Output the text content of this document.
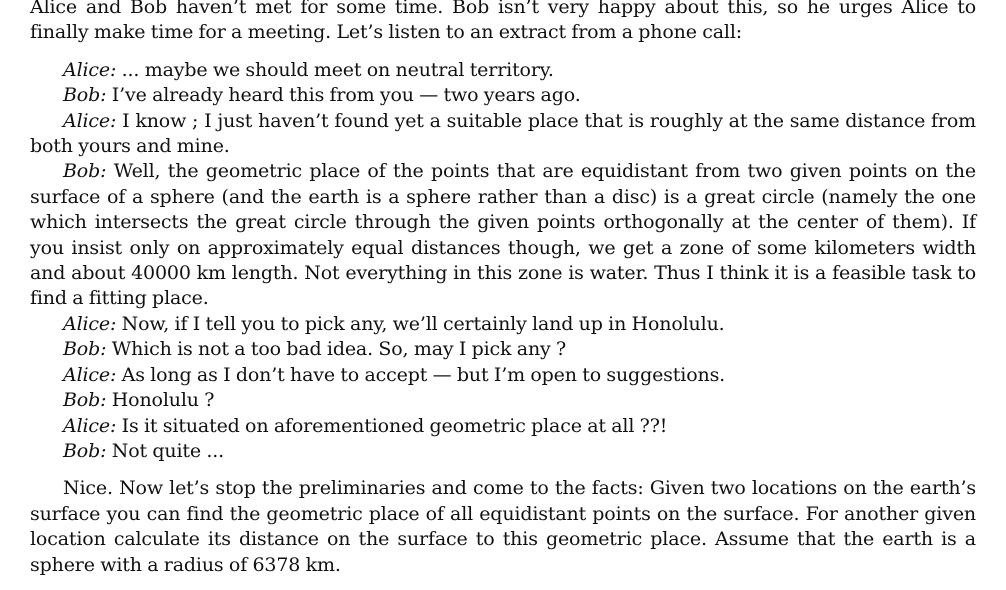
Alice and Bob haven’t met for some time. Bob isn’t very happy about this, so he urges Alice to finally make time for a meeting. Let’s listen to an extract from a phone call:

Alice: ... maybe we should meet on neutral territory.

Bob: I’ve already heard this from you — two years ago.

Alice: I know ; I just haven’t found yet a suitable place that is roughly at the same distance from both yours and mine.

Bob: Well, the geometric place of the points that are equidistant from two given points on the surface of a sphere (and the earth is a sphere rather than a disc) is a great circle (namely the one which intersects the great circle through the given points orthogonally at the center of them). If you insist only on approximately equal distances though, we get a zone of some kilometers width and about 40000 km length. Not everything in this zone is water. Thus I think it is a feasible task to find a fitting place.

Alice: Now, if I tell you to pick any, we’ll certainly land up in Honolulu.

Bob: Which is not a too bad idea. So, may I pick any ?

Alice: As long as I don’t have to accept — but I’m open to suggestions.

Bob: Honolulu ?

Alice: Is it situated on aforementioned geometric place at all ??!

Bob: Not quite ...

Nice. Now let’s stop the preliminaries and come to the facts: Given two locations on the earth’s surface you can find the geometric place of all equidistant points on the surface. For another given location calculate its distance on the surface to this geometric place. Assume that the earth is a sphere with a radius of 6378 km.
